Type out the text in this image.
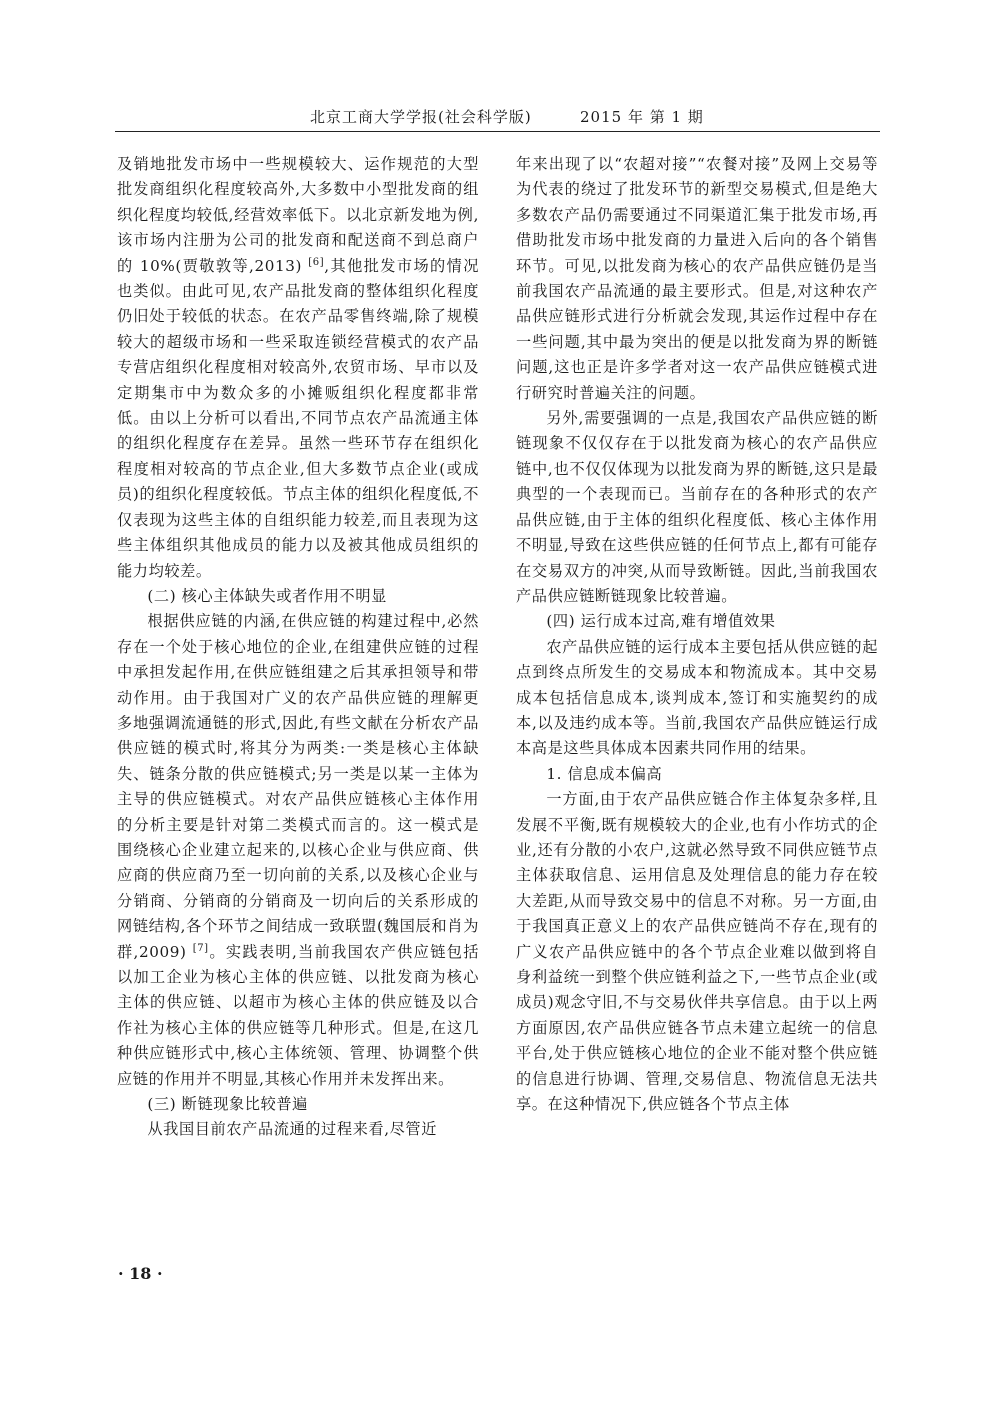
北京工商大学学报(社会科学版)	2015 年 第 1 期

及销地批发市场中一些规模较大、运作规范的大型批发商组织化程度较高外,大多数中小型批发商的组织化程度均较低,经营效率低下。以北京新发地为例,该市场内注册为公司的批发商和配送商不到总商户的 10%(贾敬敦等,2013) [6],其他批发市场的情况也类似。由此可见,农产品批发商的整体组织化程度仍旧处于较低的状态。在农产品零售终端,除了规模较大的超级市场和一些采取连锁经营模式的农产品专营店组织化程度相对较高外,农贸市场、早市以及定期集市中为数众多的小摊贩组织化程度都非常低。由以上分析可以看出,不同节点农产品流通主体的组织化程度存在差异。虽然一些环节存在组织化程度相对较高的节点企业,但大多数节点企业(或成员)的组织化程度较低。节点主体的组织化程度低,不仅表现为这些主体的自组织能力较差,而且表现为这些主体组织其他成员的能力以及被其他成员组织的能力均较差。

(二) 核心主体缺失或者作用不明显

根据供应链的内涵,在供应链的构建过程中,必然存在一个处于核心地位的企业,在组建供应链的过程中承担发起作用,在供应链组建之后其承担领导和带动作用。由于我国对广义的农产品供应链的理解更多地强调流通链的形式,因此,有些文献在分析农产品供应链的模式时,将其分为两类:一类是核心主体缺失、链条分散的供应链模式;另一类是以某一主体为主导的供应链模式。对农产品供应链核心主体作用的分析主要是针对第二类模式而言的。这一模式是围绕核心企业建立起来的,以核心企业与供应商、供应商的供应商乃至一切向前的关系,以及核心企业与分销商、分销商的分销商及一切向后的关系形成的网链结构,各个环节之间结成一致联盟(魏国辰和肖为群,2009) [7]。实践表明,当前我国农产供应链包括以加工企业为核心主体的供应链、以批发商为核心主体的供应链、以超市为核心主体的供应链及以合作社为核心主体的供应链等几种形式。但是,在这几种供应链形式中,核心主体统领、管理、协调整个供应链的作用并不明显,其核心作用并未发挥出来。

(三) 断链现象比较普遍

从我国目前农产品流通的过程来看,尽管近

年来出现了以“农超对接”“农餐对接”及网上交易等为代表的绕过了批发环节的新型交易模式,但是绝大多数农产品仍需要通过不同渠道汇集于批发市场,再借助批发市场中批发商的力量进入后向的各个销售环节。可见,以批发商为核心的农产品供应链仍是当前我国农产品流通的最主要形式。但是,对这种农产品供应链形式进行分析就会发现,其运作过程中存在一些问题,其中最为突出的便是以批发商为界的断链问题,这也正是许多学者对这一农产品供应链模式进行研究时普遍关注的问题。

另外,需要强调的一点是,我国农产品供应链的断链现象不仅仅存在于以批发商为核心的农产品供应链中,也不仅仅体现为以批发商为界的断链,这只是最典型的一个表现而已。当前存在的各种形式的农产品供应链,由于主体的组织化程度低、核心主体作用不明显,导致在这些供应链的任何节点上,都有可能存在交易双方的冲突,从而导致断链。因此,当前我国农产品供应链断链现象比较普遍。

(四) 运行成本过高,难有增值效果

农产品供应链的运行成本主要包括从供应链的起点到终点所发生的交易成本和物流成本。其中交易成本包括信息成本,谈判成本,签订和实施契约的成本,以及违约成本等。当前,我国农产品供应链运行成本高是这些具体成本因素共同作用的结果。

1. 信息成本偏高

一方面,由于农产品供应链合作主体复杂多样,且发展不平衡,既有规模较大的企业,也有小作坊式的企业,还有分散的小农户,这就必然导致不同供应链节点主体获取信息、运用信息及处理信息的能力存在较大差距,从而导致交易中的信息不对称。另一方面,由于我国真正意义上的农产品供应链尚不存在,现有的广义农产品供应链中的各个节点企业难以做到将自身利益统一到整个供应链利益之下,一些节点企业(或成员)观念守旧,不与交易伙伴共享信息。由于以上两方面原因,农产品供应链各节点未建立起统一的信息平台,处于供应链核心地位的企业不能对整个供应链的信息进行协调、管理,交易信息、物流信息无法共享。在这种情况下,供应链各个节点主体

· 18 ·
